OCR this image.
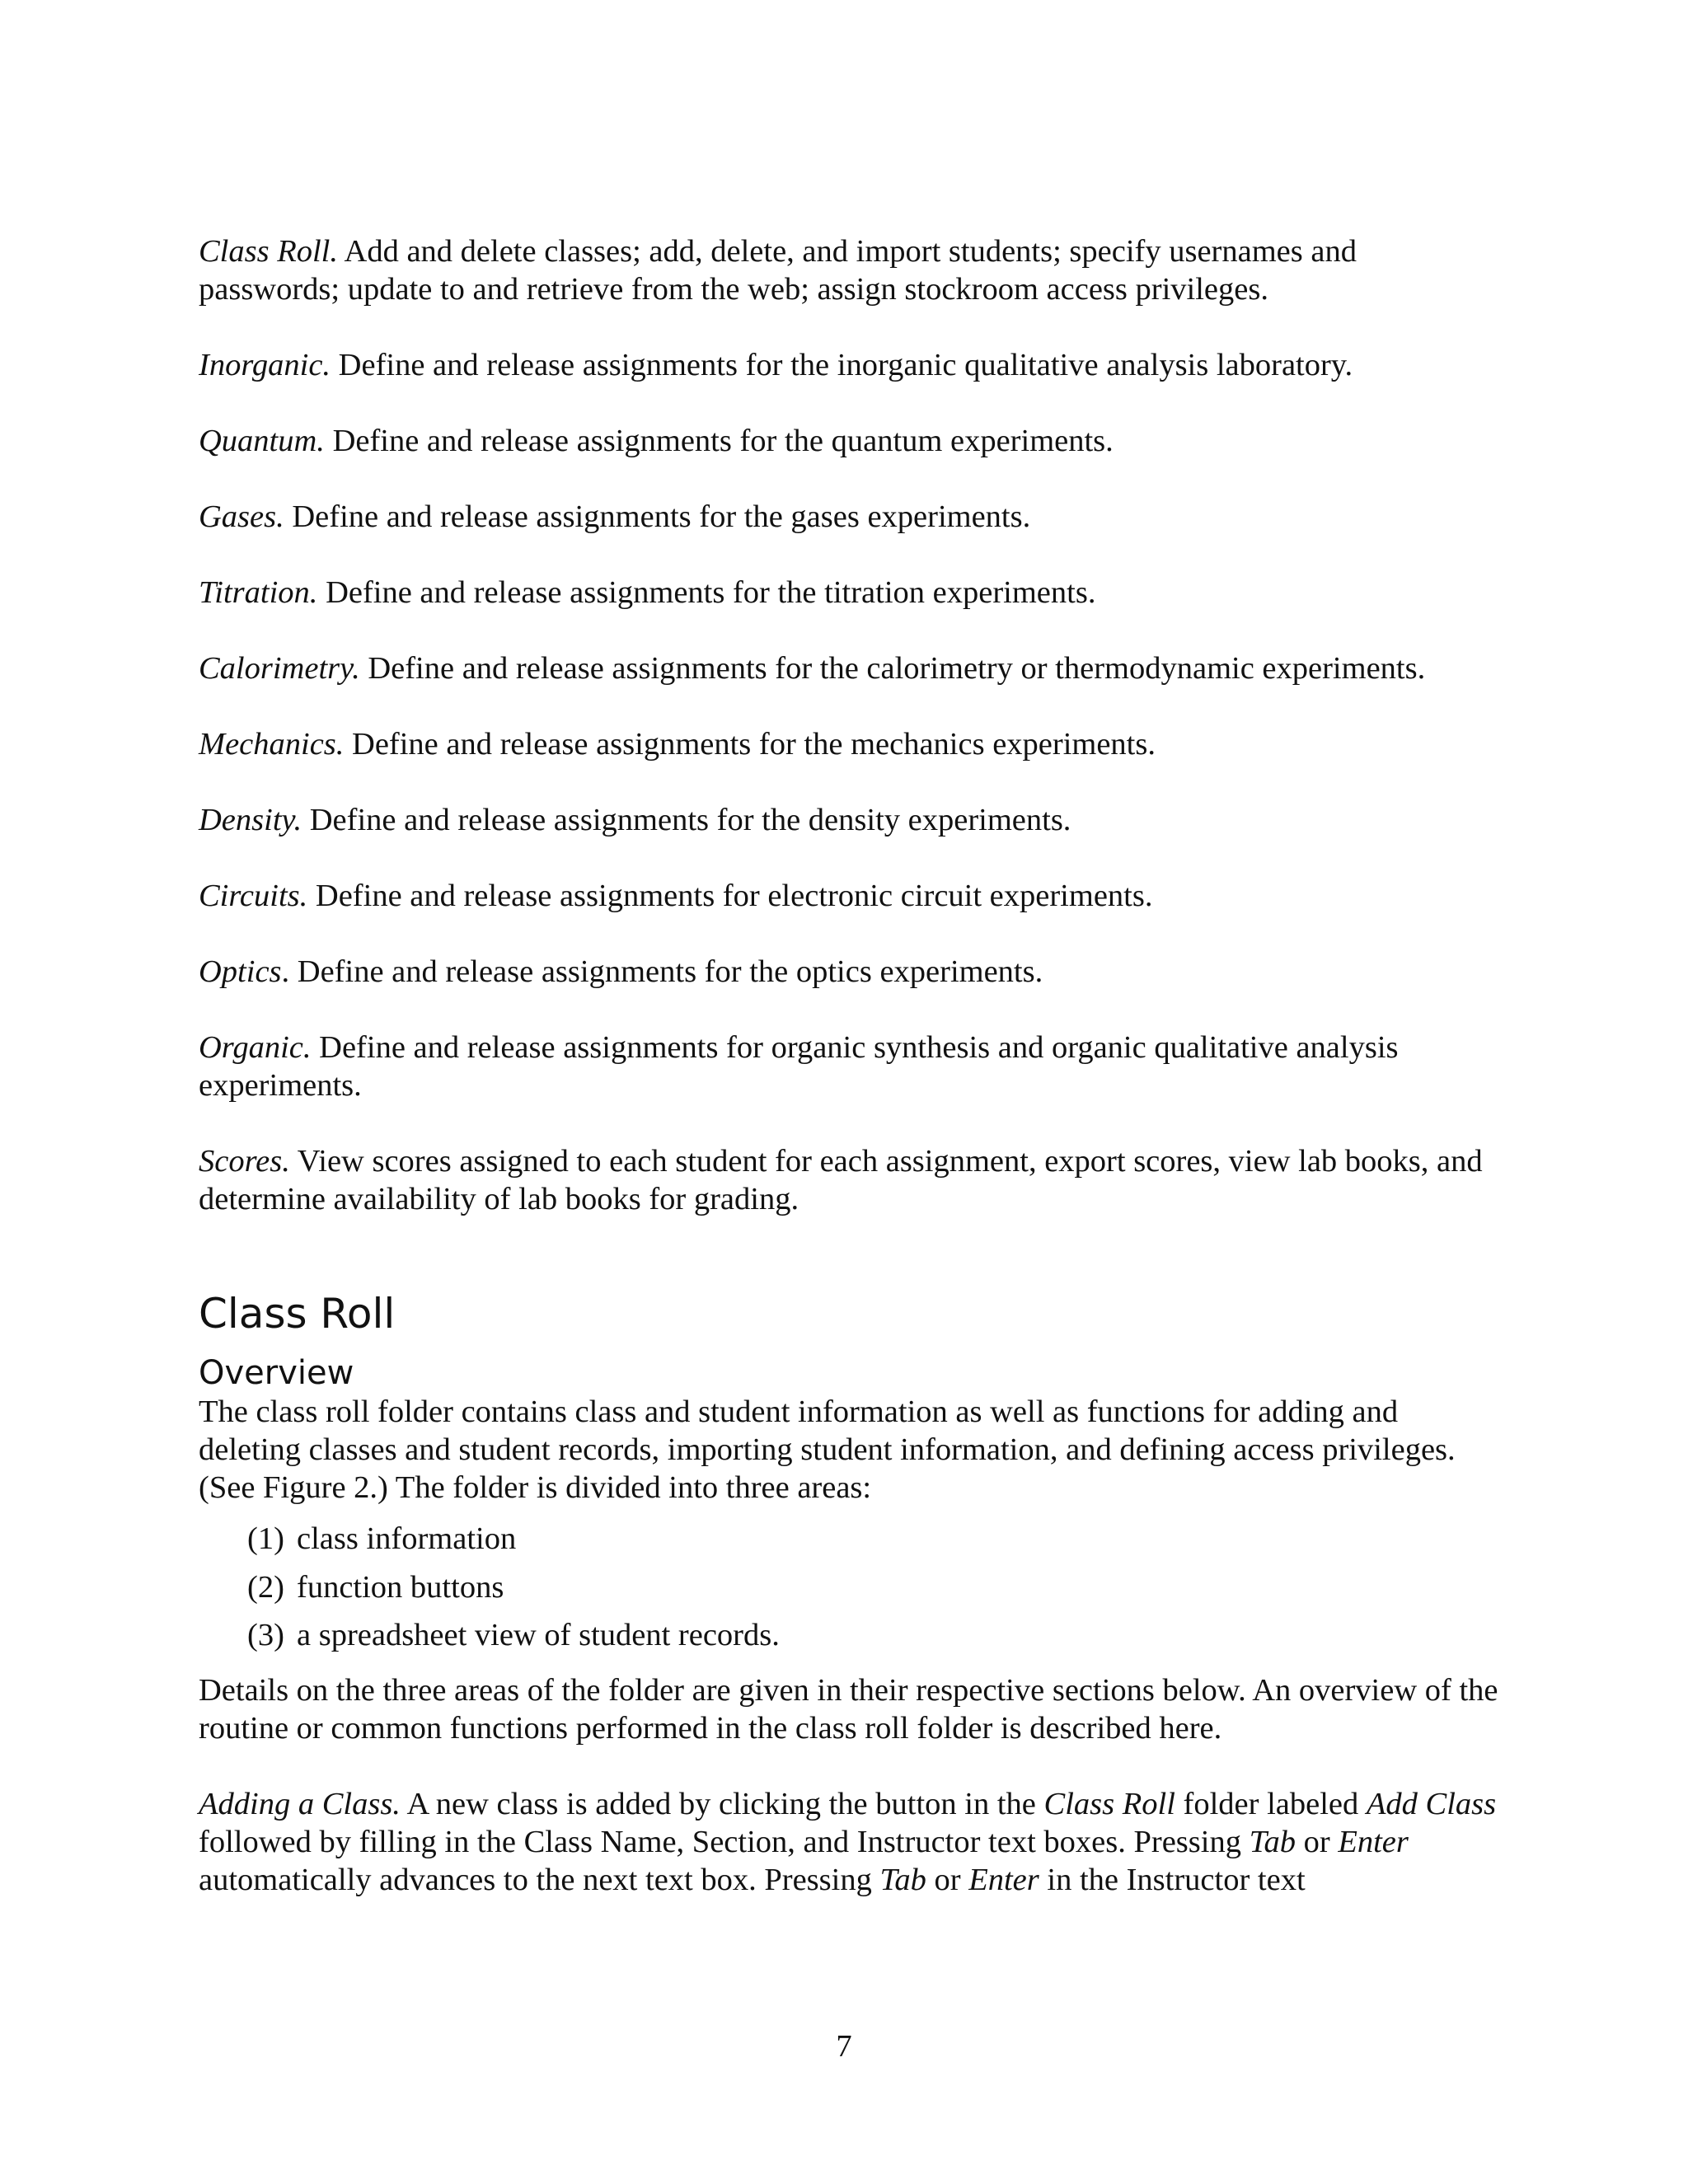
Class Roll. Add and delete classes; add, delete, and import students; specify usernames and passwords; update to and retrieve from the web; assign stockroom access privileges.

Inorganic. Define and release assignments for the inorganic qualitative analysis laboratory.

Quantum. Define and release assignments for the quantum experiments.

Gases. Define and release assignments for the gases experiments.

Titration. Define and release assignments for the titration experiments.

Calorimetry. Define and release assignments for the calorimetry or thermodynamic experiments.

Mechanics. Define and release assignments for the mechanics experiments.

Density. Define and release assignments for the density experiments.

Circuits. Define and release assignments for electronic circuit experiments.

Optics. Define and release assignments for the optics experiments.

Organic. Define and release assignments for organic synthesis and organic qualitative analysis experiments.

Scores. View scores assigned to each student for each assignment, export scores, view lab books, and determine availability of lab books for grading.

Class Roll
Overview

The class roll folder contains class and student information as well as functions for adding and deleting classes and student records, importing student information, and defining access privileges. (See Figure 2.) The folder is divided into three areas:

(1) class information
(2) function buttons
(3) a spreadsheet view of student records.

Details on the three areas of the folder are given in their respective sections below. An overview of the routine or common functions performed in the class roll folder is described here.

Adding a Class. A new class is added by clicking the button in the Class Roll folder labeled Add Class followed by filling in the Class Name, Section, and Instructor text boxes. Pressing Tab or Enter automatically advances to the next text box. Pressing Tab or Enter in the Instructor text

7
